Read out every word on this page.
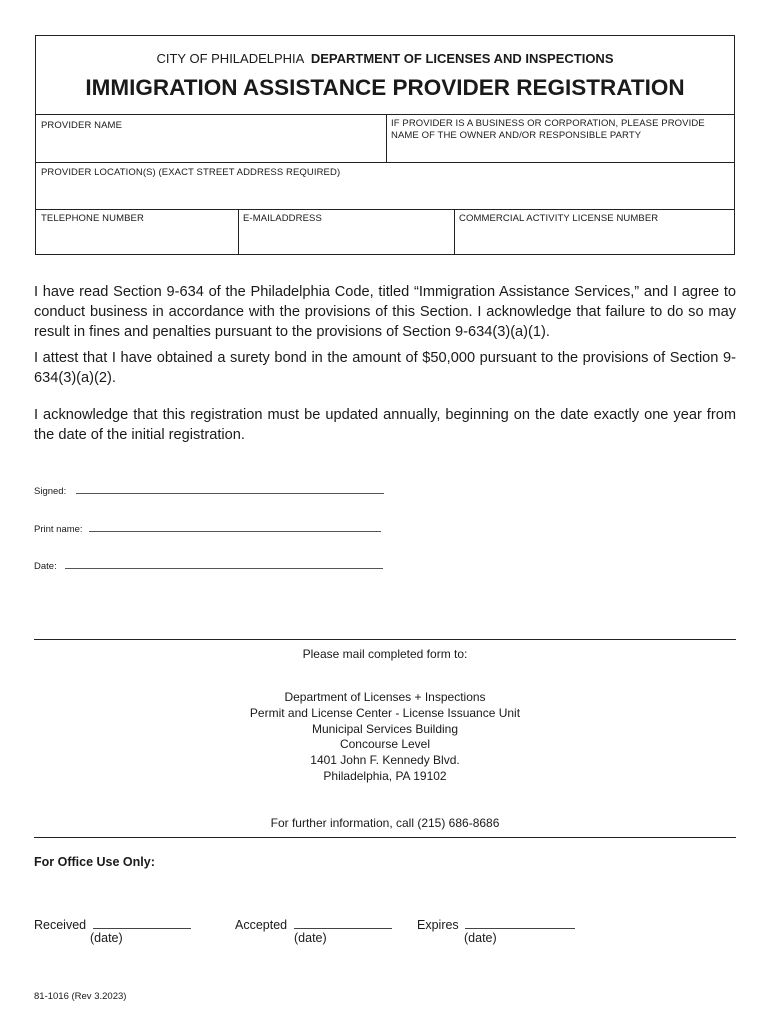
CITY OF PHILADELPHIA DEPARTMENT OF LICENSES AND INSPECTIONS
IMMIGRATION ASSISTANCE PROVIDER REGISTRATION
PROVIDER NAME	IF PROVIDER IS A BUSINESS OR CORPORATION, PLEASE PROVIDE
NAME OF THE OWNER AND/OR RESPONSIBLE PARTY
PROVIDER LOCATION(S) (EXACT STREET ADDRESS REQUIRED)
TELEPHONE NUMBER	E-MAILADDRESS	COMMERCIAL ACTIVITY LICENSE NUMBER
I have read Section 9-634 of the Philadelphia Code, titled “Immigration Assistance Services,” and I agree to conduct business in accordance with the provisions of this Section. I acknowledge that failure to do so may result in fines and penalties pursuant to the provisions of Section 9-634(3)(a)(1).
I attest that I have obtained a surety bond in the amount of $50,000 pursuant to the provisions of Section 9-634(3)(a)(2).
I acknowledge that this registration must be updated annually, beginning on the date exactly one year from the date of the initial registration.
Signed:
Print name:
Date:
Please mail completed form to:
Department of Licenses + Inspections
Permit and License Center - License Issuance Unit
Municipal Services Building
Concourse Level
1401 John F. Kennedy Blvd.
Philadelphia, PA 19102
For further information, call (215) 686-8686
For Office Use Only:
Received
(date)
Accepted
(date)
Expires
(date)
81-1016 (Rev 3.2023)
